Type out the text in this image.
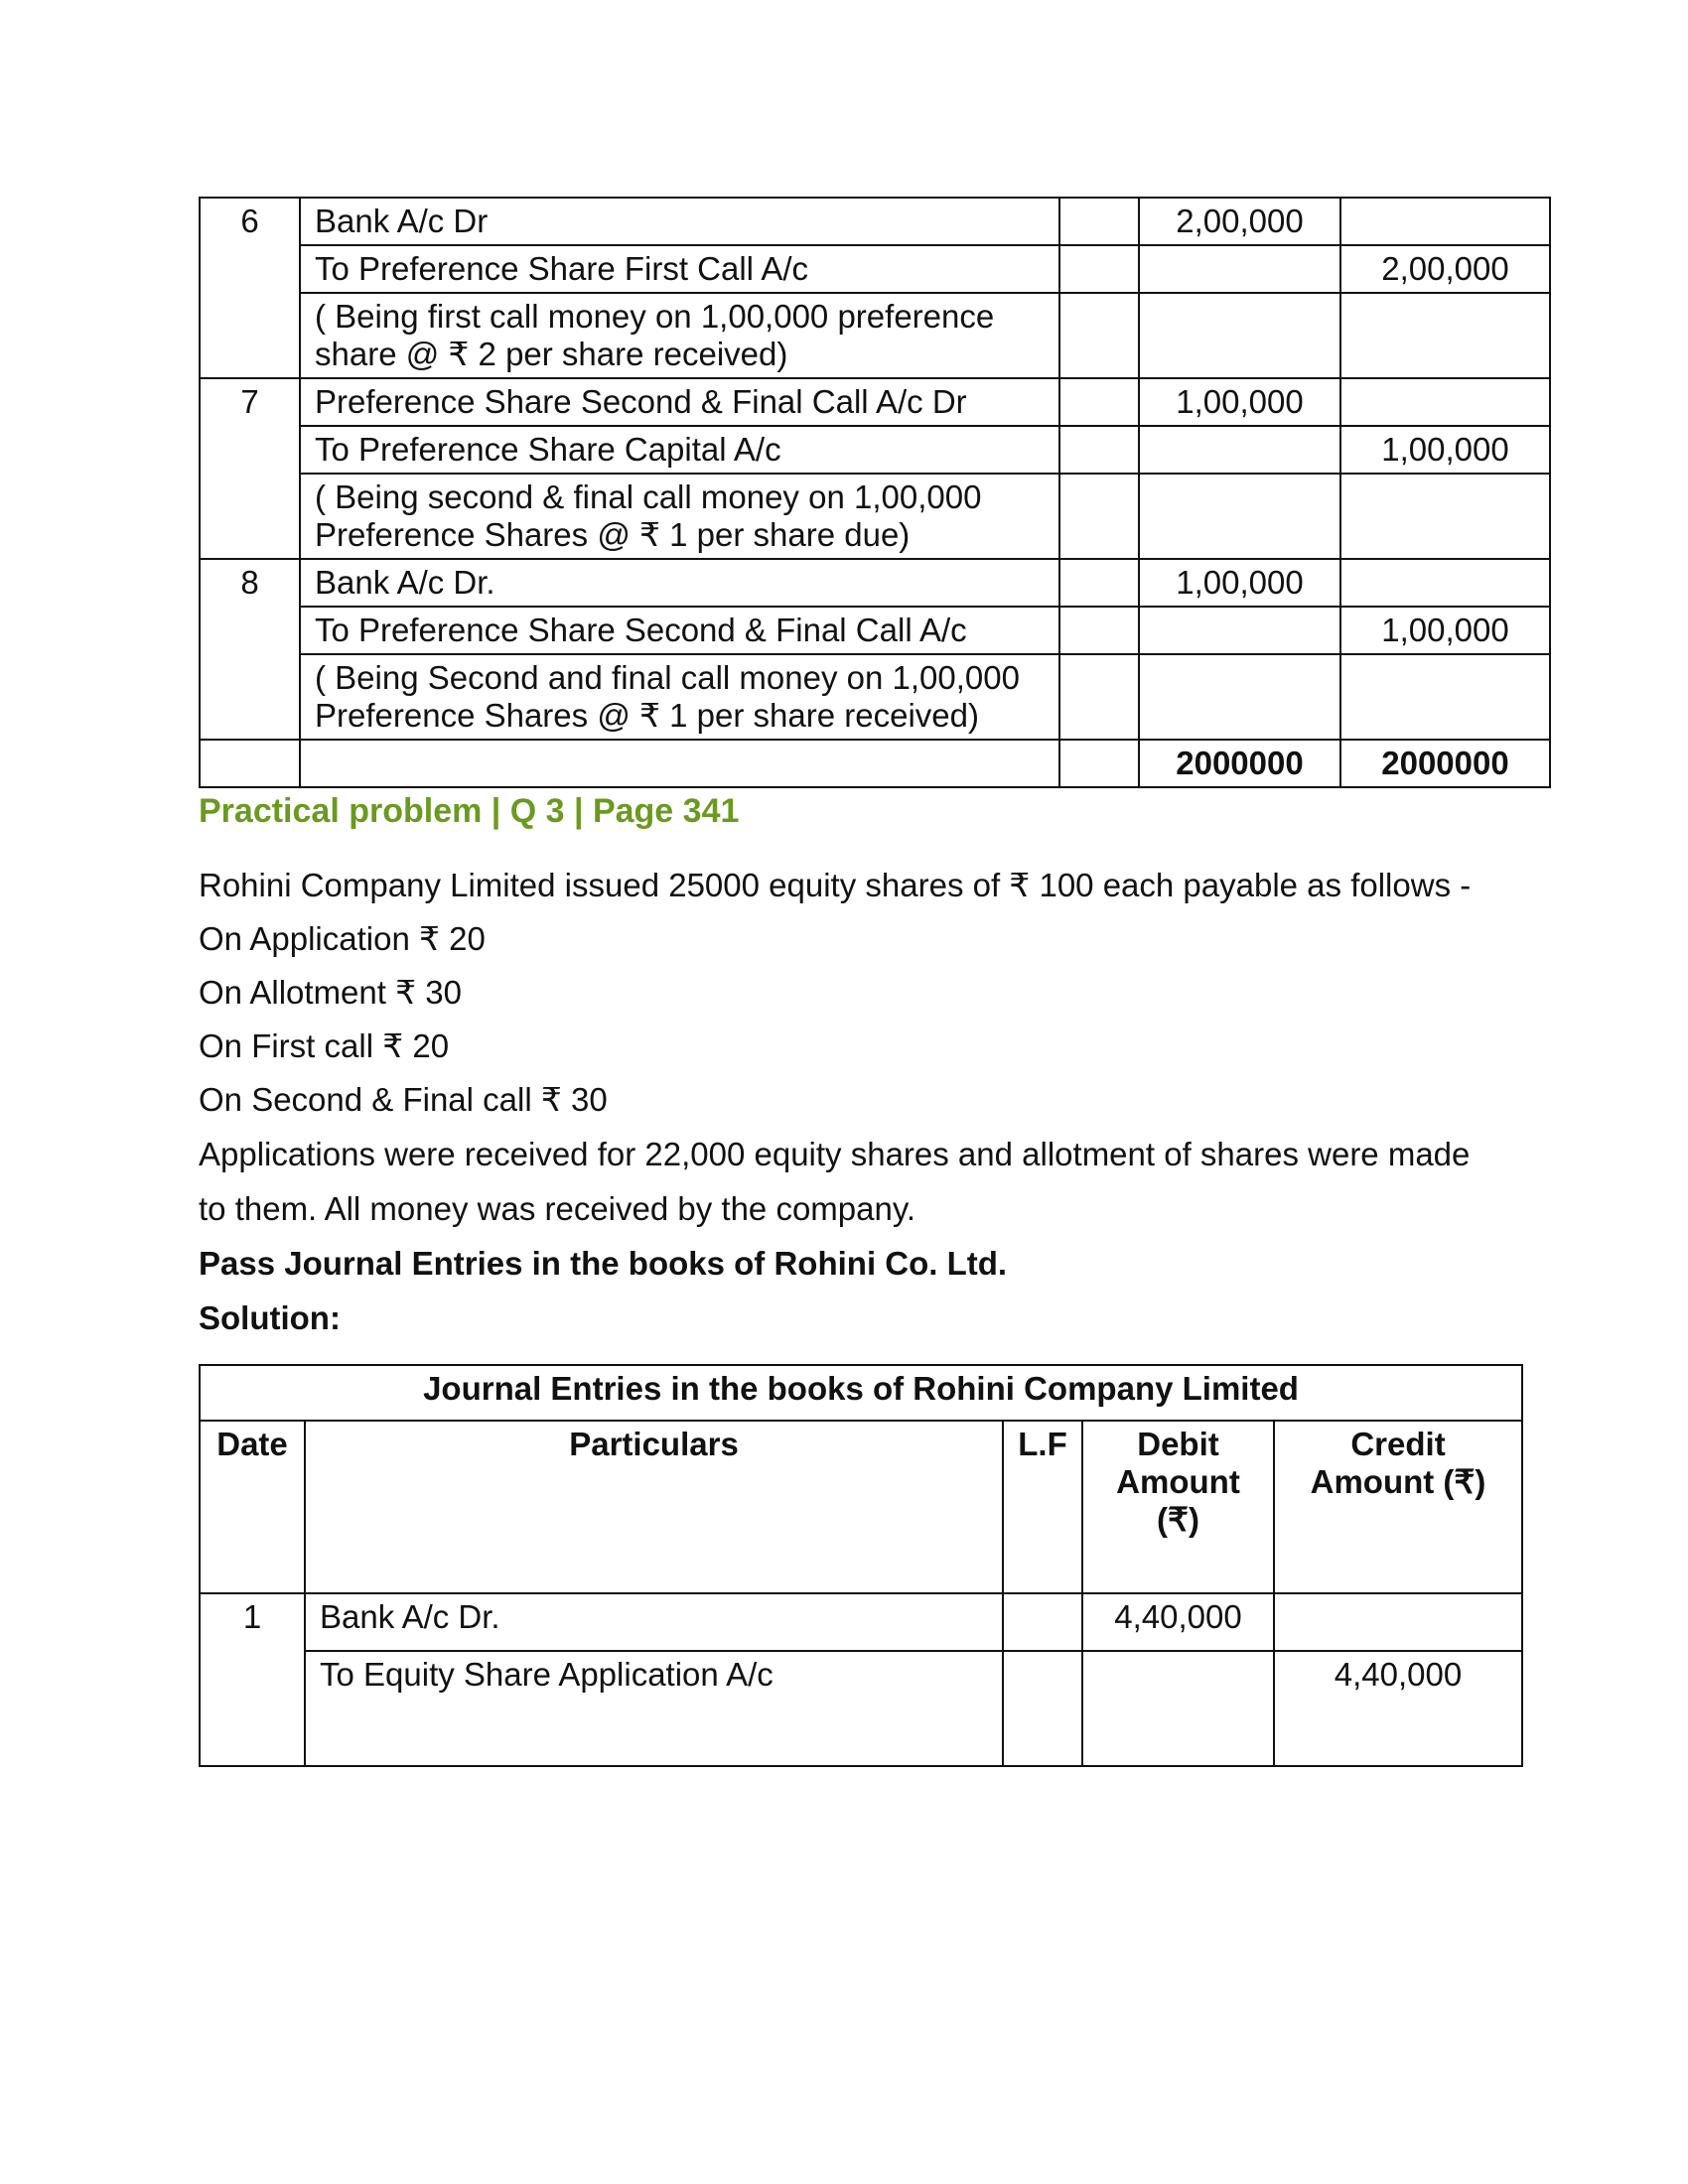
6	Bank A/c Dr		2,00,000	
	To Preference Share First Call A/c			2,00,000
	( Being first call money on 1,00,000 preference share @ ₹ 2 per share received)			
7	Preference Share Second & Final Call A/c Dr		1,00,000	
	To Preference Share Capital A/c			1,00,000
	( Being second & final call money on 1,00,000 Preference Shares @ ₹ 1 per share due)			
8	Bank A/c Dr.		1,00,000	
	To Preference Share Second & Final Call A/c			1,00,000
	( Being Second and final call money on 1,00,000 Preference Shares @ ₹ 1 per share received)			
			2000000	2000000
Practical problem | Q 3 | Page 341
Rohini Company Limited issued 25000 equity shares of ₹ 100 each payable as follows -
On Application ₹ 20
On Allotment ₹ 30
On First call ₹ 20
On Second & Final call ₹ 30
Applications were received for 22,000 equity shares and allotment of shares were made
to them. All money was received by the company.
Pass Journal Entries in the books of Rohini Co. Ltd.
Solution:
Journal Entries in the books of Rohini Company Limited				
Date	Particulars	L.F	Debit Amount (₹)	Credit Amount (₹)
1	Bank A/c Dr.		4,40,000	
	To Equity Share Application A/c			4,40,000
